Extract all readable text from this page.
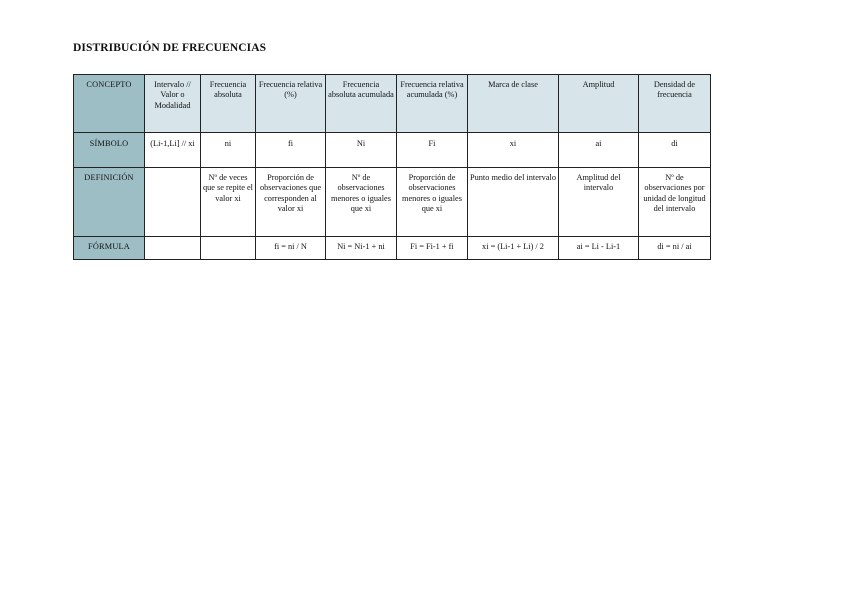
DISTRIBUCIÓN DE FRECUENCIAS
CONCEPTO	Intervalo // Valor o Modalidad	Frecuencia absoluta	Frecuencia relativa (%)	Frecuencia absoluta acumulada	Frecuencia relativa acumulada (%)	Marca de clase	Amplitud	Densidad de frecuencia
SÍMBOLO	(Li-1,Li] // xi	ni	fi	Ni	Fi	xi	ai	di
DEFINICIÓN		Nº de veces que se repite el valor xi	Proporción de observaciones que corresponden al valor xi	Nº de observaciones menores o iguales que xi	Proporción de observaciones menores o iguales que xi	Punto medio del intervalo	Amplitud del intervalo	Nº de observaciones por unidad de longitud del intervalo
FÓRMULA			fi = ni / N	Ni = Ni-1 + ni	Fi = Fi-1 + fi	xi = (Li-1 + Li) / 2	ai = Li - Li-1	di = ni / ai
